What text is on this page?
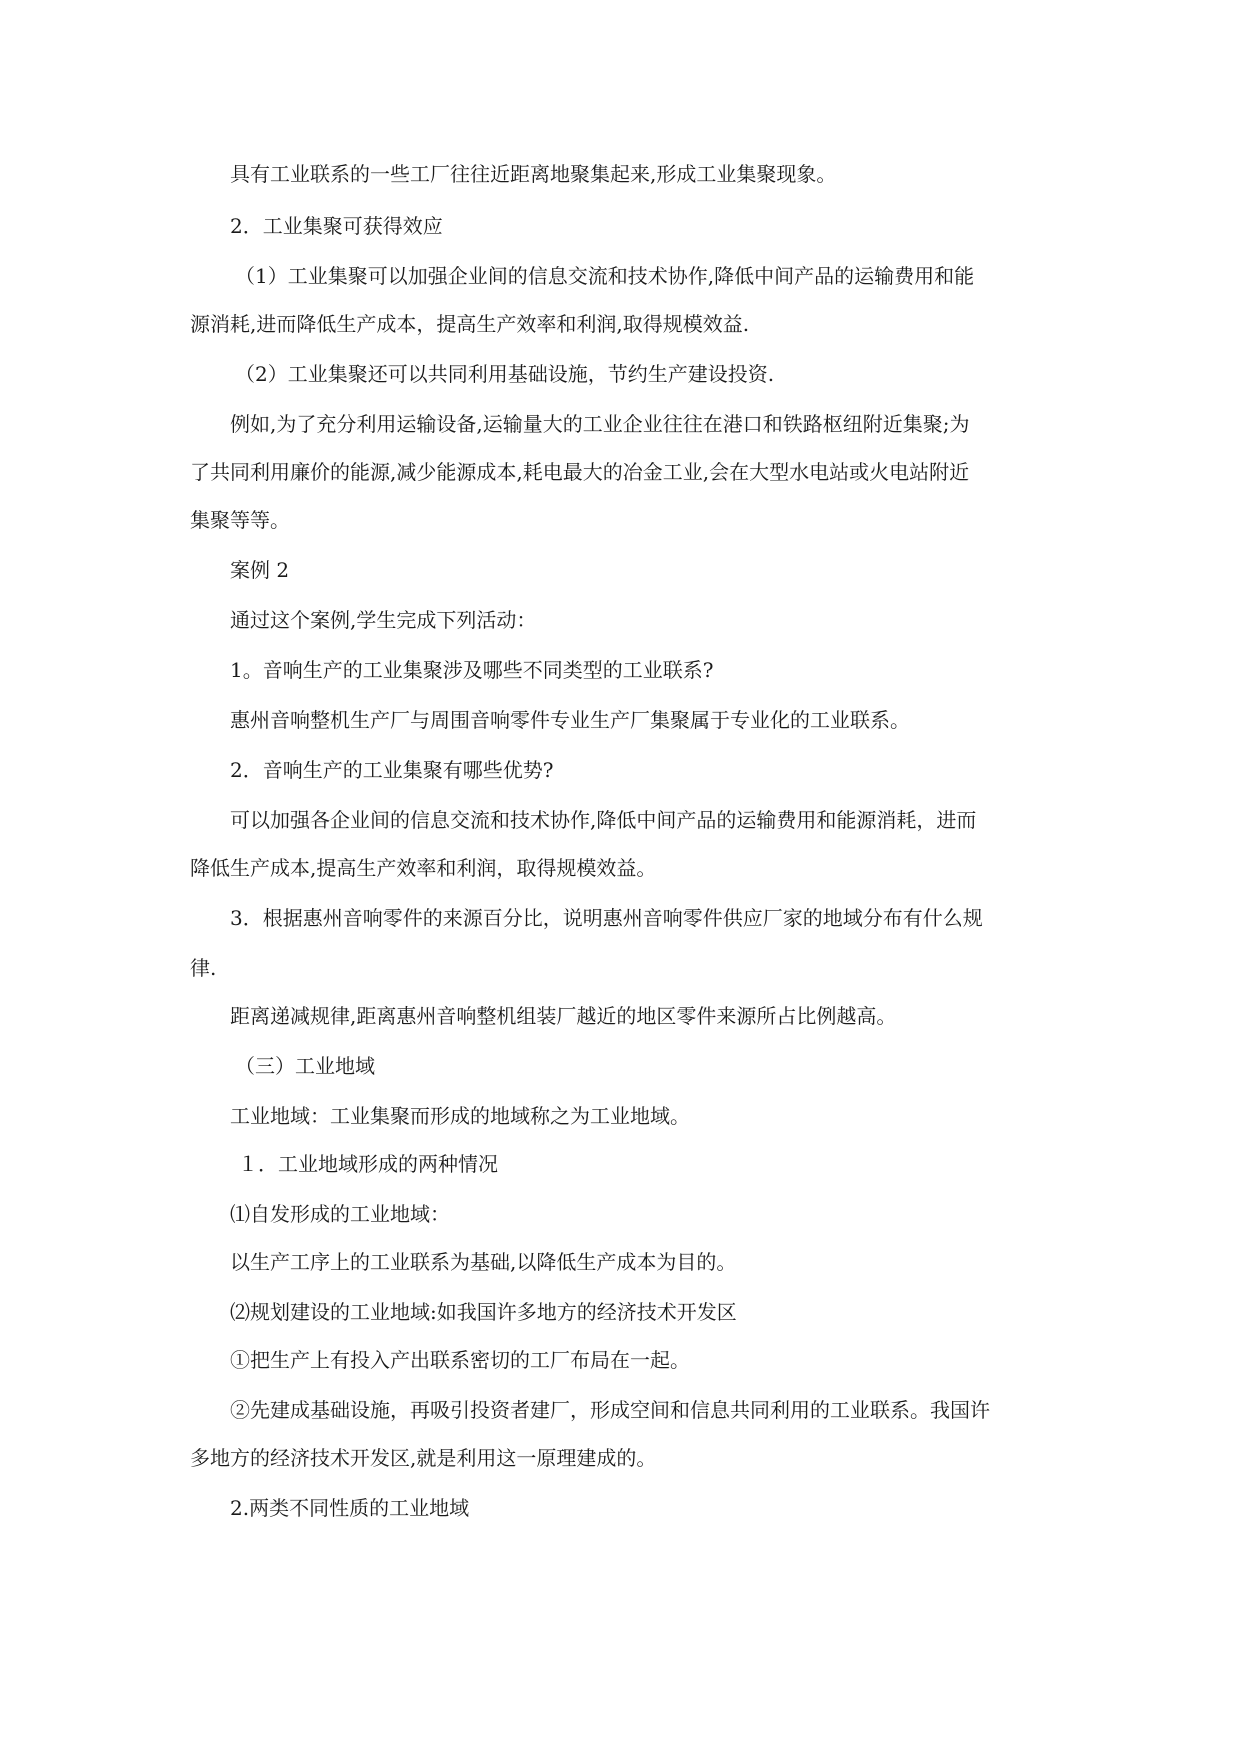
具有工业联系的一些工厂往往近距离地聚集起来,形成工业集聚现象。

2．工业集聚可获得效应

（1）工业集聚可以加强企业间的信息交流和技术协作,降低中间产品的运输费用和能

源消耗,进而降低生产成本，提高生产效率和利润,取得规模效益.

（2）工业集聚还可以共同利用基础设施，节约生产建设投资.

例如,为了充分利用运输设备,运输量大的工业企业往往在港口和铁路枢纽附近集聚;为

了共同利用廉价的能源,减少能源成本,耗电最大的冶金工业,会在大型水电站或火电站附近

集聚等等。

案例 2

通过这个案例,学生完成下列活动：

1。音响生产的工业集聚涉及哪些不同类型的工业联系?

惠州音响整机生产厂与周围音响零件专业生产厂集聚属于专业化的工业联系。

2．音响生产的工业集聚有哪些优势?

可以加强各企业间的信息交流和技术协作,降低中间产品的运输费用和能源消耗，进而

降低生产成本,提高生产效率和利润，取得规模效益。

3．根据惠州音响零件的来源百分比，说明惠州音响零件供应厂家的地域分布有什么规

律.

距离递减规律,距离惠州音响整机组装厂越近的地区零件来源所占比例越高。

（三）工业地域

工业地域：工业集聚而形成的地域称之为工业地域。

１．工业地域形成的两种情况

⑴自发形成的工业地域：

以生产工序上的工业联系为基础,以降低生产成本为目的。

⑵规划建设的工业地域:如我国许多地方的经济技术开发区

①把生产上有投入产出联系密切的工厂布局在一起。

②先建成基础设施，再吸引投资者建厂，形成空间和信息共同利用的工业联系。我国许

多地方的经济技术开发区,就是利用这一原理建成的。

2.两类不同性质的工业地域
